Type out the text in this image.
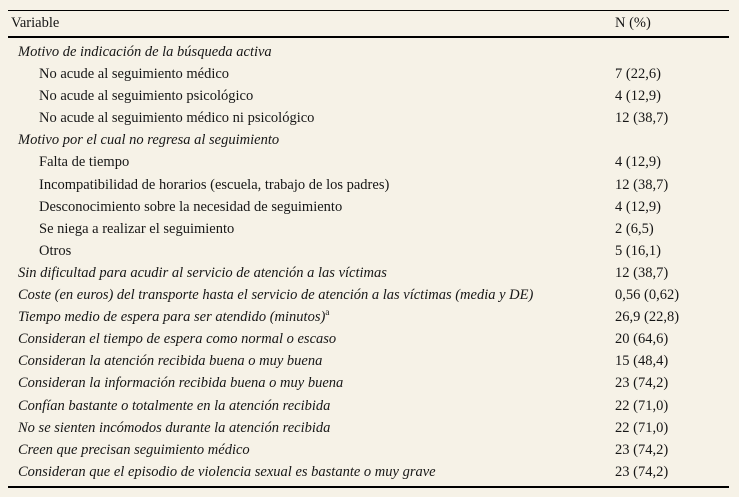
Variable	N (%)
Motivo de indicación de la búsqueda activa
No acude al seguimiento médico	7 (22,6)
No acude al seguimiento psicológico	4 (12,9)
No acude al seguimiento médico ni psicológico	12 (38,7)
Motivo por el cual no regresa al seguimiento
Falta de tiempo	4 (12,9)
Incompatibilidad de horarios (escuela, trabajo de los padres)	12 (38,7)
Desconocimiento sobre la necesidad de seguimiento	4 (12,9)
Se niega a realizar el seguimiento	2 (6,5)
Otros	5 (16,1)
Sin dificultad para acudir al servicio de atención a las víctimas	12 (38,7)
Coste (en euros) del transporte hasta el servicio de atención a las víctimas (media y DE)	0,56 (0,62)
Tiempo medio de espera para ser atendido (minutos)$^a$	26,9 (22,8)
Consideran el tiempo de espera como normal o escaso	20 (64,6)
Consideran la atención recibida buena o muy buena	15 (48,4)
Consideran la información recibida buena o muy buena	23 (74,2)
Confían bastante o totalmente en la atención recibida	22 (71,0)
No se sienten incómodos durante la atención recibida	22 (71,0)
Creen que precisan seguimiento médico	23 (74,2)
Consideran que el episodio de violencia sexual es bastante o muy grave	23 (74,2)
